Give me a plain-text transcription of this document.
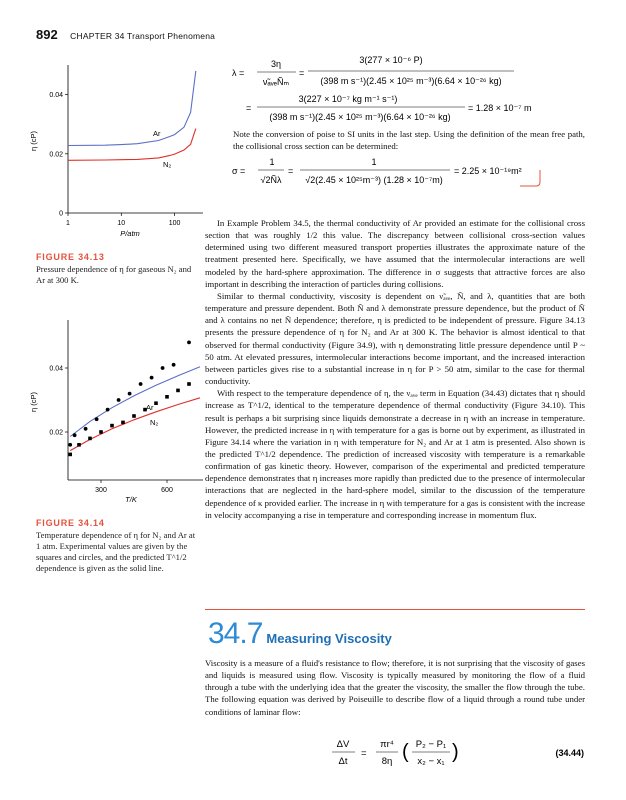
892 CHAPTER 34 Transport Phenomena
0
0.02
0.04
1	10	100
η (cP)
P/atm
Ar
N₂
FIGURE 34.13
Pressure dependence of η for gaseous N₂ and Ar at 300 K.
0.02
0.04
300	600
η (cP)
T/K
Ar
N₂
FIGURE 34.14
Temperature dependence of η for N₂ and Ar at 1 atm. Experimental values are given by the squares and circles, and the predicted T^1/2 dependence is given as the solid line.
λ =
3η
ν̃ₐᵥₑÑₘ
=
3(277 × 10⁻⁶ P)
(398 m s⁻¹)(2.45 × 10²⁵ m⁻³)(6.64 × 10⁻²⁶ kg)
=
3(227 × 10⁻⁷ kg m⁻¹ s⁻¹)
(398 m s⁻¹)(2.45 × 10²⁵ m⁻³)(6.64 × 10⁻²⁶ kg)
= 1.28 × 10⁻⁷ m
σ =
1
√2Ñλ
=
1
√2(2.45 × 10²⁵m⁻³) (1.28 × 10⁻⁷m)
= 2.25 × 10⁻¹⁹m²
Note the conversion of poise to SI units in the last step. Using the definition of the mean free path, the collisional cross section can be determined:

In Example Problem 34.5, the thermal conductivity of Ar provided an estimate for the collisional cross section that was roughly 1/2 this value. The discrepancy between collisional cross-section values determined using two different measured transport properties illustrates the approximate nature of the treatment presented here. Specifically, we have assumed that the intermolecular interactions are well modeled by the hard-sphere approximation. The difference in σ suggests that attractive forces are also important in describing the interaction of particles during collisions.

Similar to thermal conductivity, viscosity is dependent on ν̃ₐᵥₑ, Ñ, and λ, quantities that are both temperature and pressure dependent. Both Ñ and λ demonstrate pressure dependence, but the product of Ñ and λ contains no net Ñ dependence; therefore, η is predicted to be independent of pressure. Figure 34.13 presents the pressure dependence of η for N₂ and Ar at 300 K. The behavior is almost identical to that observed for thermal conductivity (Figure 34.9), with η demonstrating little pressure dependence until P ~ 50 atm. At elevated pressures, intermolecular interactions become important, and the increased interaction between particles gives rise to a substantial increase in η for P > 50 atm, similar to the case for thermal conductivity.

With respect to the temperature dependence of η, the νₐᵥₑ term in Equation (34.43) dictates that η should increase as T^1/2, identical to the temperature dependence of thermal conductivity (Figure 34.10). This result is perhaps a bit surprising since liquids demonstrate a decrease in η with an increase in temperature. However, the predicted increase in η with temperature for a gas is borne out by experiment, as illustrated in Figure 34.14 where the variation in η with temperature for N₂ and Ar at 1 atm is presented. Also shown is the predicted T^1/2 dependence. The prediction of increased viscosity with temperature is a remarkable confirmation of gas kinetic theory. However, comparison of the experimental and predicted temperature dependence demonstrates that η increases more rapidly than predicted due to the presence of intermolecular interactions that are neglected in the hard-sphere model, similar to the discussion of the temperature dependence of κ provided earlier. The increase in η with temperature for a gas is consistent with the increase in velocity accompanying a rise in temperature and corresponding increase in momentum flux.

34.7 Measuring Viscosity
Viscosity is a measure of a fluid's resistance to flow; therefore, it is not surprising that the viscosity of gases and liquids is measured using flow. Viscosity is typically measured by monitoring the flow of a fluid through a tube with the underlying idea that the greater the viscosity, the smaller the flow through the tube. The following equation was derived by Poiseuille to describe flow of a liquid through a round tube under conditions of laminar flow:
ΔV
Δt
=
πr⁴
8η ( P₂ − P₁
x₂ − x₁ )	(34.44)
